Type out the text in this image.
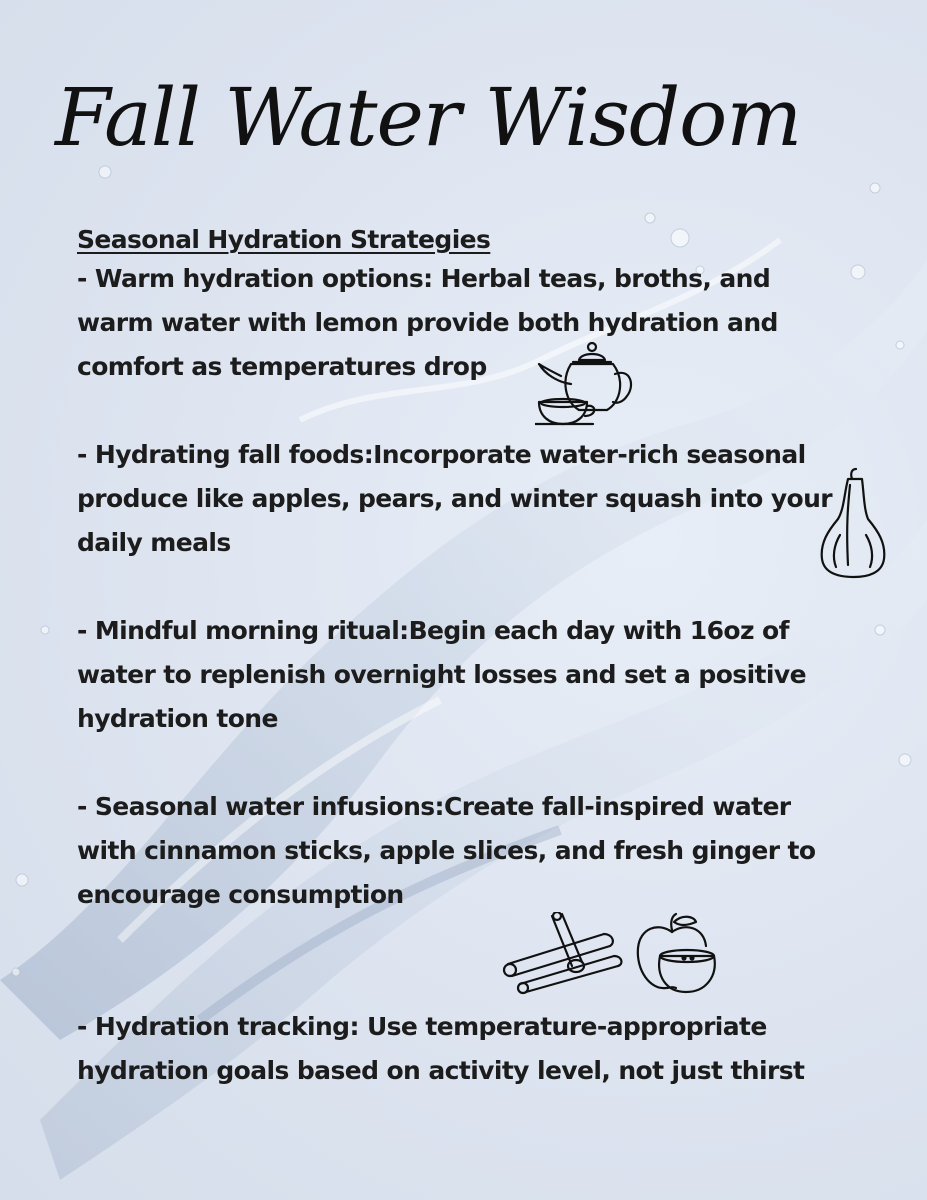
Fall Water Wisdom

Seasonal Hydration Strategies

- Warm hydration options: Herbal teas, broths, and warm water with lemon provide both hydration and comfort as temperatures drop

- Hydrating fall foods:Incorporate water-rich seasonal produce like apples, pears, and winter squash into your daily meals

- Mindful morning ritual:Begin each day with 16oz of water to replenish overnight losses and set a positive hydration tone

- Seasonal water infusions:Create fall-inspired water with cinnamon sticks, apple slices, and fresh ginger to encourage consumption

- Hydration tracking: Use temperature-appropriate hydration goals based on activity level, not just thirst
